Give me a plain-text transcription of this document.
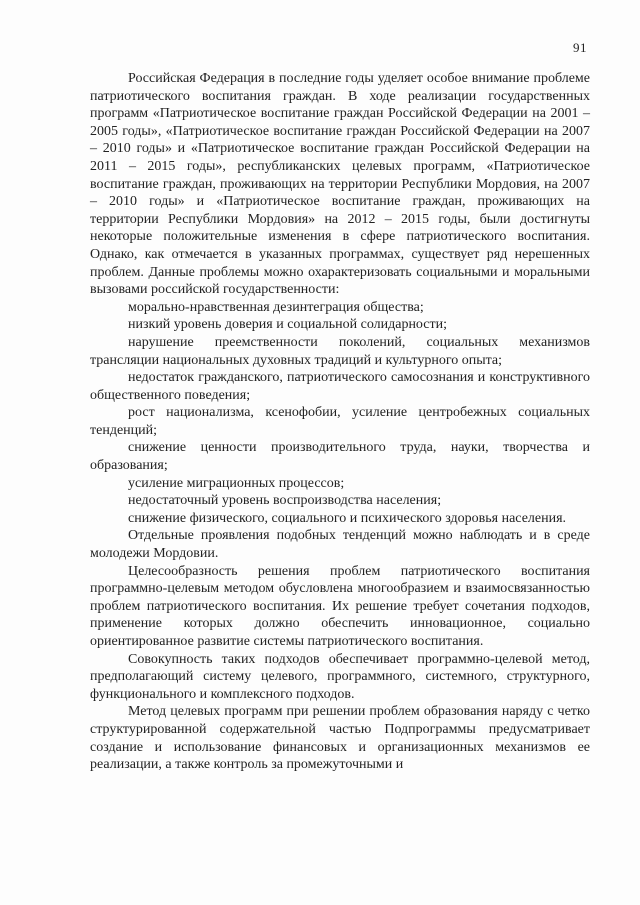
91

Российская Федерация в последние годы уделяет особое внимание проблеме патриотического воспитания граждан. В ходе реализации государственных программ «Патриотическое воспитание граждан Российской Федерации на 2001 – 2005 годы», «Патриотическое воспитание граждан Российской Федерации на 2007 – 2010 годы» и «Патриотическое воспитание граждан Российской Федерации на 2011 – 2015 годы», республиканских целевых программ, «Патриотическое воспитание граждан, проживающих на территории Республики Мордовия, на 2007 – 2010 годы» и «Патриотическое воспитание граждан, проживающих на территории Республики Мордовия» на 2012 – 2015 годы, были достигнуты некоторые положительные изменения в сфере патриотического воспитания. Однако, как отмечается в указанных программах, существует ряд нерешенных проблем. Данные проблемы можно охарактеризовать социальными и моральными вызовами российской государственности:

морально-нравственная дезинтеграция общества;

низкий уровень доверия и социальной солидарности;

нарушение преемственности поколений, социальных механизмов трансляции национальных духовных традиций и культурного опыта;

недостаток гражданского, патриотического самосознания и конструктивного общественного поведения;

рост национализма, ксенофобии, усиление центробежных социальных тенденций;

снижение ценности производительного труда, науки, творчества и образования;

усиление миграционных процессов;

недостаточный уровень воспроизводства населения;

снижение физического, социального и психического здоровья населения.

Отдельные проявления подобных тенденций можно наблюдать и в среде молодежи Мордовии.

Целесообразность решения проблем патриотического воспитания программно-целевым методом обусловлена многообразием и взаимосвязанностью проблем патриотического воспитания. Их решение требует сочетания подходов, применение которых должно обеспечить инновационное, социально ориентированное развитие системы патриотического воспитания.

Совокупность таких подходов обеспечивает программно-целевой метод, предполагающий систему целевого, программного, системного, структурного, функционального и комплексного подходов.

Метод целевых программ при решении проблем образования наряду с четко структурированной содержательной частью Подпрограммы предусматривает создание и использование финансовых и организационных механизмов ее реализации, а также контроль за промежуточными и
